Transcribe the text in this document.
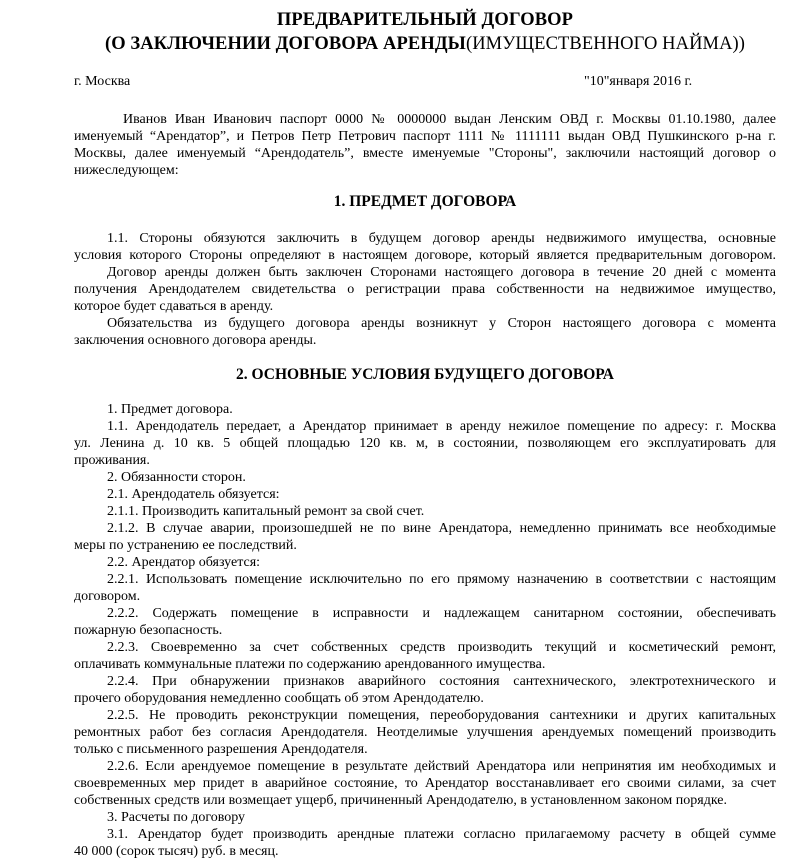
ПРЕДВАРИТЕЛЬНЫЙ ДОГОВОР
(О ЗАКЛЮЧЕНИИ ДОГОВОРА АРЕНДЫ(ИМУЩЕСТВЕННОГО НАЙМА))
г. Москва	"10"января 2016 г.
Иванов Иван Иванович паспорт 0000 № 0000000 выдан Ленским ОВД г. Москвы 01.10.1980, далее
именуемый “Арендатор”, и Петров Петр Петрович паспорт 1111 № 1111111 выдан ОВД Пушкинского р-на г.
Москвы, далее именуемый “Арендодатель”, вместе именуемые "Стороны", заключили настоящий договор о
нижеследующем:
1. ПРЕДМЕТ ДОГОВОРА
1.1. Стороны обязуются заключить в будущем договор аренды недвижимого имущества, основные
условия которого Стороны определяют в настоящем договоре, который является предварительным договором.
Договор аренды должен быть заключен Сторонами настоящего договора в течение 20 дней с момента
получения Арендодателем свидетельства о регистрации права собственности на недвижимое имущество,
которое будет сдаваться в аренду.
Обязательства из будущего договора аренды возникнут у Сторон настоящего договора с момента
заключения основного договора аренды.
2. ОСНОВНЫЕ УСЛОВИЯ БУДУЩЕГО ДОГОВОРА
1. Предмет договора.
1.1. Арендодатель передает, а Арендатор принимает в аренду нежилое помещение по адресу: г. Москва
ул. Ленина д. 10 кв. 5 общей площадью 120 кв. м, в состоянии, позволяющем его эксплуатировать для
проживания.
2. Обязанности сторон.
2.1. Арендодатель обязуется:
2.1.1. Производить капитальный ремонт за свой счет.
2.1.2. В случае аварии, произошедшей не по вине Арендатора, немедленно принимать все необходимые
меры по устранению ее последствий.
2.2. Арендатор обязуется:
2.2.1. Использовать помещение исключительно по его прямому назначению в соответствии с настоящим
договором.
2.2.2. Содержать помещение в исправности и надлежащем санитарном состоянии, обеспечивать
пожарную безопасность.
2.2.3. Своевременно за счет собственных средств производить текущий и косметический ремонт,
оплачивать коммунальные платежи по содержанию арендованного имущества.
2.2.4. При обнаружении признаков аварийного состояния сантехнического, электротехнического и
прочего оборудования немедленно сообщать об этом Арендодателю.
2.2.5. Не проводить реконструкции помещения, переоборудования сантехники и других капитальных
ремонтных работ без согласия Арендодателя. Неотделимые улучшения арендуемых помещений производить
только с письменного разрешения Арендодателя.
2.2.6. Если арендуемое помещение в результате действий Арендатора или непринятия им необходимых и
своевременных мер придет в аварийное состояние, то Арендатор восстанавливает его своими силами, за счет
собственных средств или возмещает ущерб, причиненный Арендодателю, в установленном законом порядке.
3. Расчеты по договору
3.1. Арендатор будет производить арендные платежи согласно прилагаемому расчету в общей сумме
40 000 (сорок тысяч) руб. в месяц.
